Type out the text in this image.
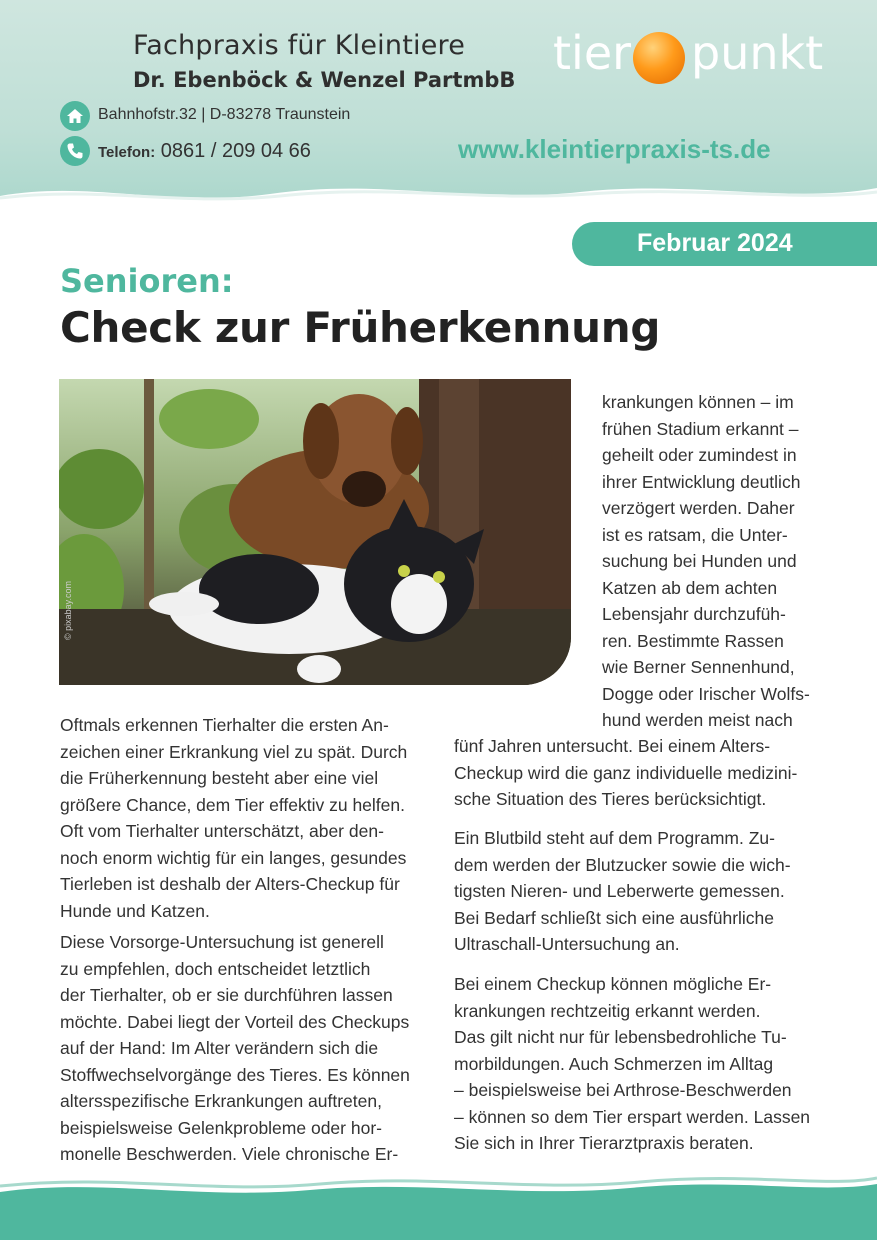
Fachpraxis für Kleintiere
Dr. Ebenböck & Wenzel PartmbB tier punkt
Bahnhofstr.32 | D-83278 Traunstein
Telefon: 0861 / 209 04 66	www.kleintierpraxis-ts.de
Februar 2024
Senioren:
Check zur Früherkennung
© pixabay.com
Oftmals erkennen Tierhalter die ersten An-
zeichen einer Erkrankung viel zu spät. Durch
die Früherkennung besteht aber eine viel
größere Chance, dem Tier effektiv zu helfen.
Oft vom Tierhalter unterschätzt, aber den-
noch enorm wichtig für ein langes, gesundes
Tierleben ist deshalb der Alters-Checkup für
Hunde und Katzen.
Diese Vorsorge-Untersuchung ist generell
zu empfehlen, doch entscheidet letztlich
der Tierhalter, ob er sie durchführen lassen
möchte. Dabei liegt der Vorteil des Checkups
auf der Hand: Im Alter verändern sich die
Stoffwechselvorgänge des Tieres. Es können
altersspezifische Erkrankungen auftreten,
beispielsweise Gelenkprobleme oder hor-
monelle Beschwerden. Viele chronische Er-
krankungen können – im
frühen Stadium erkannt –
geheilt oder zumindest in
ihrer Entwicklung deutlich
verzögert werden. Daher
ist es ratsam, die Unter-
suchung bei Hunden und
Katzen ab dem achten
Lebensjahr durchzufüh-
ren. Bestimmte Rassen
wie Berner Sennenhund,
Dogge oder Irischer Wolfs-
hund werden meist nach
fünf Jahren untersucht. Bei einem Alters-
Checkup wird die ganz individuelle medizini-
sche Situation des Tieres berücksichtigt.
Ein Blutbild steht auf dem Programm. Zu-
dem werden der Blutzucker sowie die wich-
tigsten Nieren- und Leberwerte gemessen.
Bei Bedarf schließt sich eine ausführliche
Ultraschall-Untersuchung an.
Bei einem Checkup können mögliche Er-
krankungen rechtzeitig erkannt werden.
Das gilt nicht nur für lebensbedrohliche Tu-
morbildungen. Auch Schmerzen im Alltag
– beispielsweise bei Arthrose-Beschwerden
– können so dem Tier erspart werden. Lassen
Sie sich in Ihrer Tierarztpraxis beraten.
